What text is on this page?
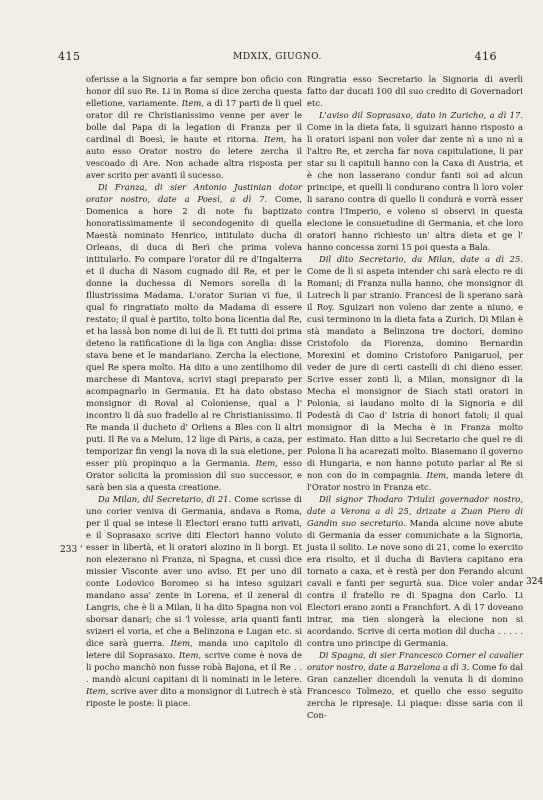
415	MDXIX, GIUGNO.	416
233 '
324

oferisse a la Signoria a far sempre bon oficio con honor dil suo Re. Li in Roma si dice zercha questa elletione, variamente. Item, a dì 17 parti de lì quel orator dil re Christianissimo venne per aver le bolle dal Papa di la legation di Franza per il cardinal di Boesì, le haute et ritorna. Item, ha auto esso Orator nostro do letere zercha il vescoado di Are. Non achade altra risposta per aver scrito per avanti il sucesso.

Di Franza, di sier Antonio Justinian dotor orator nostro, date a Poesì, a dì 7. Come, Domenica a hore 2 di note fu baptizato honoratissimamente il secondogenito di quella Maestà nominato Henrico, intitulato ducha di Orleans, di duca di Berì che prima voleva intitularlo. Fo compare l'orator dil re d'Ingalterra et il ducha di Nasom cugnado dil Re, et per le donne la duchessa di Nemors sorella di la Illustrissima Madama. L'orator Surian vi fue, il qual fo ringratiato molto da Madama di essere restato; il qual è partito, tolto bona licentia dal Re, et ha lassà bon nome di lui de lì. Et tutti doi prima deteno la ratificatione di la liga con Anglia: disse stava bene et le mandariano. Zercha la electione, quel Re spera molto. Ha dito a uno zentilhomo dil marchese di Mantova, scrivi stagi preparato per acompagnarlo in Germania. Et ha dato obstaso monsignor di Roval al Coloniense, qual a l' incontro li dà suo fradello al re Christianissimo. Il Re manda il ducheto d' Orliens a Bles con li altri puti. Il Re va a Melum, 12 lige di Paris, a caza, per temporizar fin vengi la nova di la sua eletione, per esser più propinquo a la Germania. Item, esso Orator solicita la promission dil suo successor, e sarà ben sia a questa creatione.

Da Milan, dil Secretario, di 21. Come scrisse di uno corier veniva di Germania, andava a Roma, per il qual se intese li Electori erano tutti arivati, e il Soprasaxo scrive diti Electori hanno voluto esser in libertà, et li oratori alozino in li borgi. Et non elezerano nì Franza, nì Spagna, et cussì dice missier Visconte aver uno aviso. Et per uno dil conte Lodovico Boromeo si ha inteso sguizari mandano assa' zente in Lorena, et il zeneral di Langris, che è li a Milan, li ha dito Spagna non vol sborsar danari; che si 'l volesse, aria quanti fanti svizeri el voria, et che a Belinzona e Lugan etc. si dice sarà guerra. Item, manda uno capitolo di letere dil Soprasaxo. Item, scrive come è nova de li pocho manchò non fusse robà Bajona, et il Re . . . mandò alcuni capitani di li nominati in le letere. Item, scrive aver dito a monsignor di Lutrech è stà riposte le poste: li piace.

Ringratia esso Secretario la Signoria di averli fatto dar ducati 100 dil suo credito di Governadori etc.

L'aviso dil Soprasaxo, dato in Zuricho, a dì 17. Come in la dieta fata, li sguizari hanno risposto a li oratori ispani non voler dar zente nì a uno nì a l'altro Re, et zercha far nova capitulatione, li par star su li capituli hanno con la Caxa di Austria, et è che non lasserano condur fanti soi ad alcun principe, et quelli li condurano contra li loro voler li sarano contra di quello li condurà e vorrà esser contra l'Imperio, e voleno si observi in questa elecione le consuetudine di Germania, et che loro oratori hanno richiesto un' altra dieta et ge l' hanno concessa zorni 15 poi questa a Bala.

Dil dito Secretario, da Milan, date a dì 25. Come de lì si aspeta intender chi sarà electo re di Romani; di Franza nulla hanno, che monsignor di Lutrech li par stranio. Francesi de lì sperano sarà il Roy. Sguizari non voleno dar zente a niuno, e cusì terminono in la dieta fata a Zurich. Di Milan è stà mandato a Belinzona tre doctori, domino Cristofolo da Fiorenza, domino Bernardin Morexini et domino Cristoforo Panigaruol, per veder de jure di certi castelli di chi dieno esser. Scrive esser zonti lì, a Milan, monsignor di la Mecha el monsignor de Siach stati oratori in Polonia, si laudano molto di la Signoria e dil Podestà di Cao d' Istria di honori fatoli; il qual monsignor di la Mecha è in Franza molto estimato. Han ditto a lui Secretario che quel re di Polona li ha acarezati molto. Biasemano il governo di Hungaria, e non hanno potuto parlar al Re si non con do in compagnia. Item, manda letere di l'Orator nostro in Franza etc.

Dil signor Thodaro Triulzi governador nostro, date a Verona a dì 25, drizate a Zuan Piero di Gandin suo secretario. Manda alcune nove abute di Germania da esser comunichate a la Signoria, justa il solito. Le nove sono di 21, come lo exercito era risolto, et il ducha di Baviera capitano era tornato a caxa, et è restà per don Ferando alcuni cavali e fanti per segurtà sua. Dice voler andar contra il fratello re di Spagna don Carlo. Li Electori erano zonti a Franchfort. A dì 17 doveano intrar, ma tien slongerà la elecione non si acordando. Scrive di certa motion dil ducha . . . . . contra uno principe di Germania.

Di Spagna, di sier Francesco Corner el cavalier orator nostro, date a Barzelona a dì 3. Come fo dal Gran canzelier dicendoli la venuta li di domino Francesco Tolmezo, et quello che esso seguito zercha le ripresaje. Li piaque: disse saria con il Con-
